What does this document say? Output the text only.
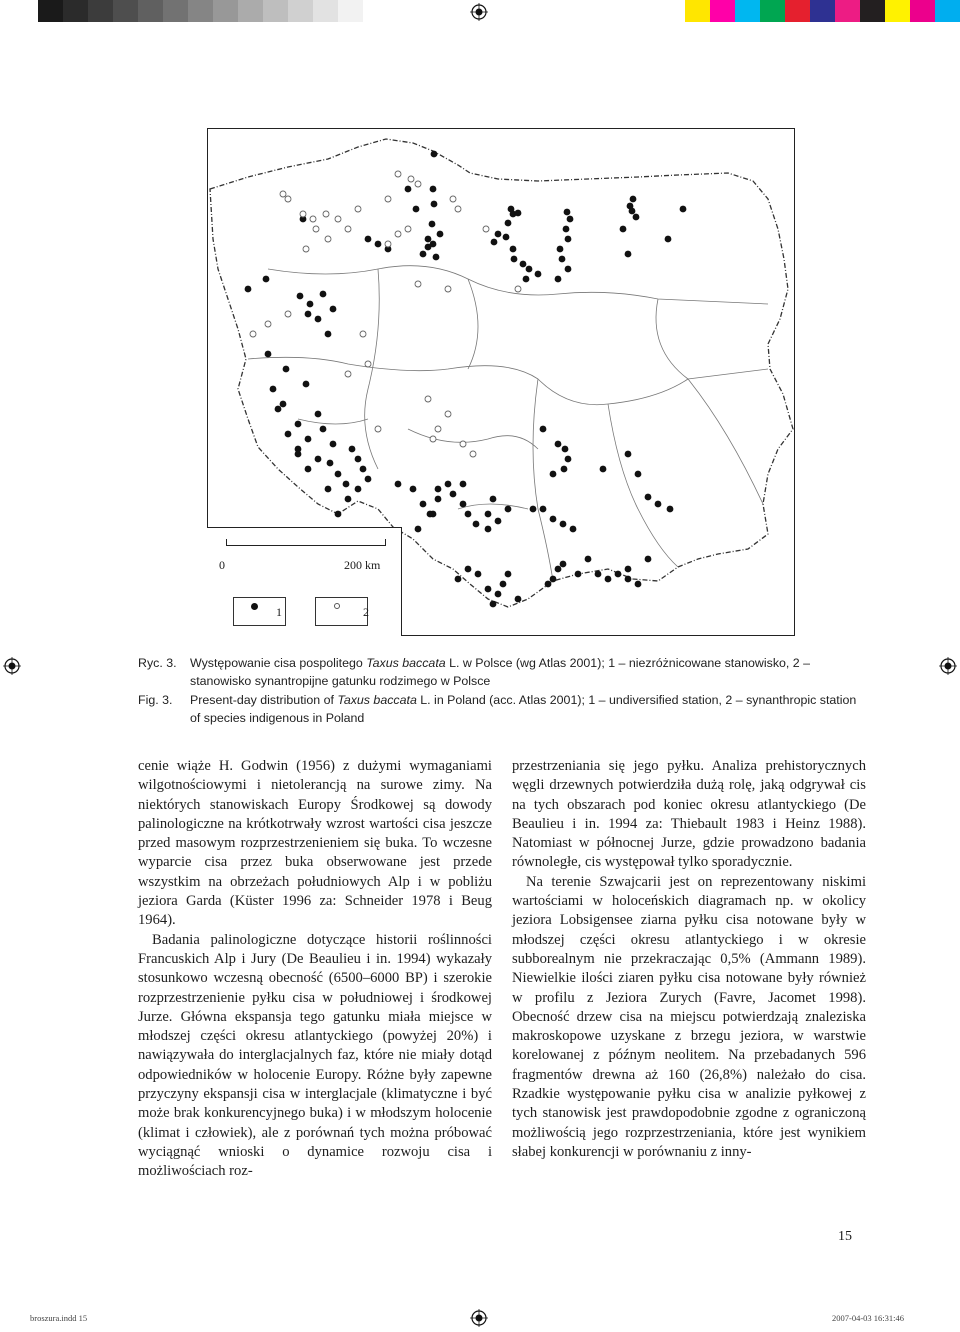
0	200 km
1	2
Ryc. 3.	Występowanie cisa pospolitego Taxus baccata L. w Polsce (wg Atlas 2001); 1 – niezróżnicowane stanowisko, 2 – stanowisko synantropijne gatunku rodzimego w Polsce
Fig. 3.	Present-day distribution of Taxus baccata L. in Poland (acc. Atlas 2001); 1 – undiversified station, 2 – synanthropic station of species indigenous in Poland

cenie wiąże H. Godwin (1956) z dużymi wymaganiami wilgotnościowymi i nietolerancją na surowe zimy. Na niektórych stanowiskach Europy Środkowej są dowody palinologiczne na krótkotrwały wzrost wartości cisa jeszcze przed masowym rozprzestrzenieniem się buka. To wczesne wyparcie cisa przez buka obserwowane jest przede wszystkim na obrzeżach południowych Alp i w pobliżu jeziora Garda (Küster 1996 za: Schneider 1978 i Beug 1964).

Badania palinologiczne dotyczące historii roślinności Francuskich Alp i Jury (De Beaulieu i in. 1994) wykazały stosunkowo wczesną obecność (6500–6000 BP) i szerokie rozprzestrzenienie pyłku cisa w południowej i środkowej Jurze. Główna ekspansja tego gatunku miała miejsce w młodszej części okresu atlantyckiego (powyżej 20%) i nawiązywała do interglacjalnych faz, które nie miały dotąd odpowiedników w holocenie Europy. Różne były zapewne przyczyny ekspansji cisa w interglacjale (klimatyczne i być może brak konkurencyjnego buka) i w młodszym holocenie (klimat i człowiek), ale z porównań tych można próbować wyciągnąć wnioski o dynamice rozwoju cisa i możliwościach roz-

przestrzeniania się jego pyłku. Analiza prehistorycznych węgli drzewnych potwierdziła dużą rolę, jaką odgrywał cis na tych obszarach pod koniec okresu atlantyckiego (De Beaulieu i in. 1994 za: Thiebault 1983 i Heinz 1988). Natomiast w północnej Jurze, gdzie prowadzono badania równoległe, cis występował tylko sporadycznie.

Na terenie Szwajcarii jest on reprezentowany niskimi wartościami w holoceńskich diagramach np. w okolicy jeziora Lobsigensee ziarna pyłku cisa notowane były w młodszej części okresu atlantyckiego i w okresie subborealnym nie przekraczając 0,5% (Ammann 1989). Niewielkie ilości ziaren pyłku cisa notowane były również w profilu z Jeziora Zurych (Favre, Jacomet 1998). Obecność drzew cisa na miejscu potwierdzają znaleziska makroskopowe uzyskane z brzegu jeziora, w warstwie korelowanej z późnym neolitem. Na przebadanych 596 fragmentów drewna aż 160 (26,8%) należało do cisa. Rzadkie występowanie pyłku cisa w analizie pyłkowej z tych stanowisk jest prawdopodobnie zgodne z ograniczoną możliwością jego rozprzestrzeniania, które jest wynikiem słabej konkurencji w porównaniu z inny-

15
broszura.indd 15	2007-04-03 16:31:46
